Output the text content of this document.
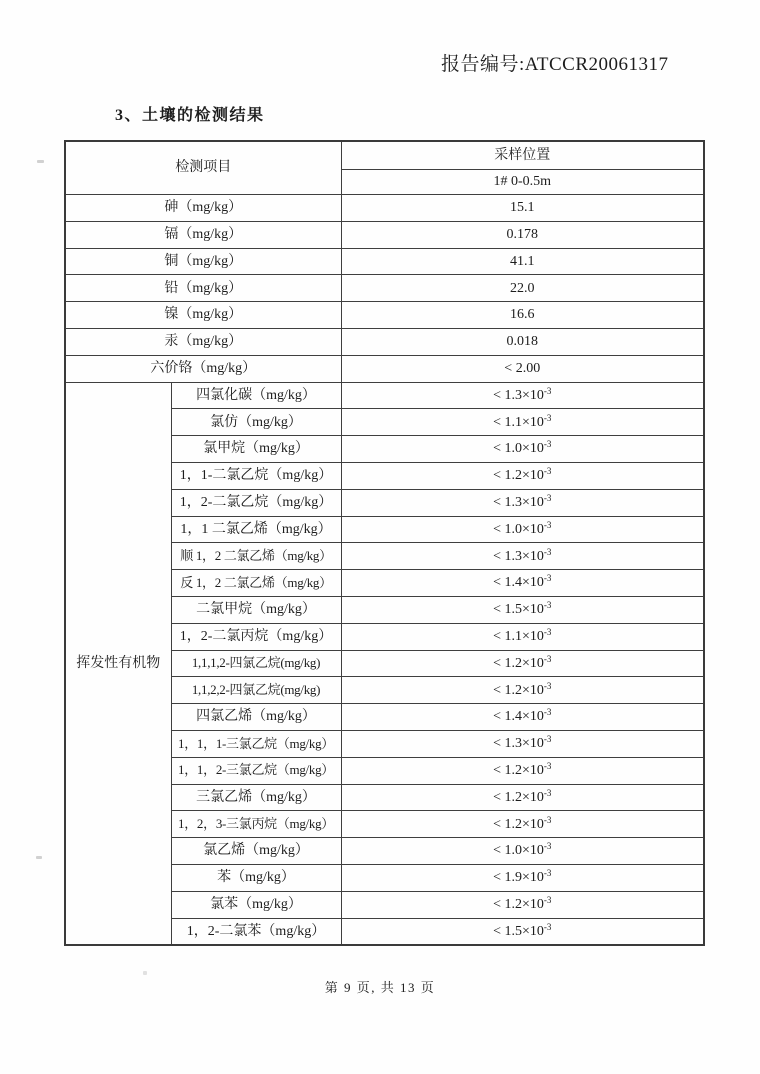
报告编号:ATCCR20061317
3、土壤的检测结果
检测项目		采样位置
		1# 0-0.5m
砷（mg/kg）		15.1
镉（mg/kg）		0.178
铜（mg/kg）		41.1
铅（mg/kg）		22.0
镍（mg/kg）		16.6
汞（mg/kg）		0.018
六价铬（mg/kg）		< 2.00
挥发性有机物	四氯化碳（mg/kg）	< $1.3\times 10^{-3}$
	氯仿（mg/kg）	< $1.1\times 10^{-3}$
	氯甲烷（mg/kg）	< $1.0\times 10^{-3}$
	1，1-二氯乙烷（mg/kg）	< $1.2\times 10^{-3}$
	1，2-二氯乙烷（mg/kg）	< $1.3\times 10^{-3}$
	1，1 二氯乙烯（mg/kg）	< $1.0\times 10^{-3}$
	顺 1，2 二氯乙烯（mg/kg）	< $1.3\times 10^{-3}$
	反 1，2 二氯乙烯（mg/kg）	< $1.4\times 10^{-3}$
	二氯甲烷（mg/kg）	< $1.5\times 10^{-3}$
	1，2-二氯丙烷（mg/kg）	< $1.1\times 10^{-3}$
	1,1,1,2-四氯乙烷(mg/kg)	< $1.2\times 10^{-3}$
	1,1,2,2-四氯乙烷(mg/kg)	< $1.2\times 10^{-3}$
	四氯乙烯（mg/kg）	< $1.4\times 10^{-3}$
	1，1，1-三氯乙烷（mg/kg）	< $1.3\times 10^{-3}$
	1，1，2-三氯乙烷（mg/kg）	< $1.2\times 10^{-3}$
	三氯乙烯（mg/kg）	< $1.2\times 10^{-3}$
	1，2，3-三氯丙烷（mg/kg）	< $1.2\times 10^{-3}$
	氯乙烯（mg/kg）	< $1.0\times 10^{-3}$
	苯（mg/kg）	< $1.9\times 10^{-3}$
	氯苯（mg/kg）	< $1.2\times 10^{-3}$
	1，2-二氯苯（mg/kg）	< $1.5\times 10^{-3}$
第 9 页, 共 13 页
